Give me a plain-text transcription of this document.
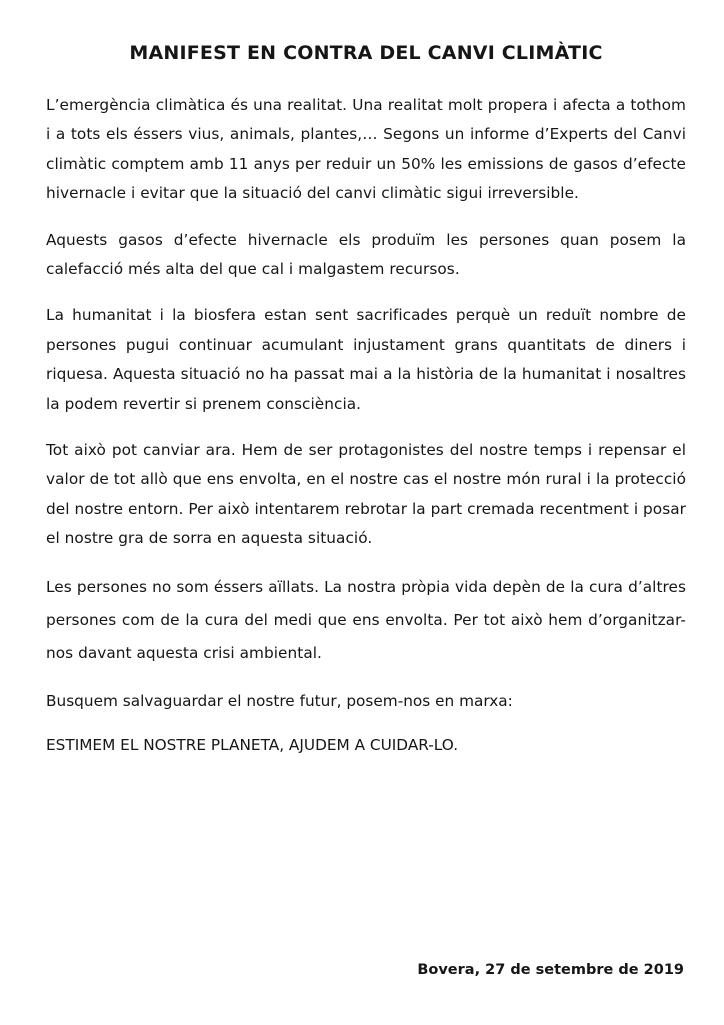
MANIFEST EN CONTRA DEL CANVI CLIMÀTIC

L’emergència climàtica és una realitat. Una realitat molt propera i afecta a tothom i a tots els éssers vius, animals, plantes,… Segons un informe d’Experts del Canvi climàtic comptem amb 11 anys per reduir un 50% les emissions de gasos d’efecte hivernacle i evitar que la situació del canvi climàtic sigui irreversible.

Aquests gasos d’efecte hivernacle els produïm les persones quan posem la calefacció més alta del que cal i malgastem recursos.

La humanitat i la biosfera estan sent sacrificades perquè un reduït nombre de persones pugui continuar acumulant injustament grans quantitats de diners i riquesa. Aquesta situació no ha passat mai a la història de la humanitat i nosaltres la podem revertir si prenem consciència.

Tot això pot canviar ara. Hem de ser protagonistes del nostre temps i repensar el valor de tot allò que ens envolta, en el nostre cas el nostre món rural i la protecció del nostre entorn. Per això intentarem rebrotar la part cremada recentment i posar el nostre gra de sorra en aquesta situació.

Les persones no som éssers aïllats. La nostra pròpia vida depèn de la cura d’altres persones com de la cura del medi que ens envolta. Per tot això hem d’organitzar-nos davant aquesta crisi ambiental.

Busquem salvaguardar el nostre futur, posem-nos en marxa:

ESTIMEM EL NOSTRE PLANETA, AJUDEM A CUIDAR-LO.

Bovera, 27 de setembre de 2019
